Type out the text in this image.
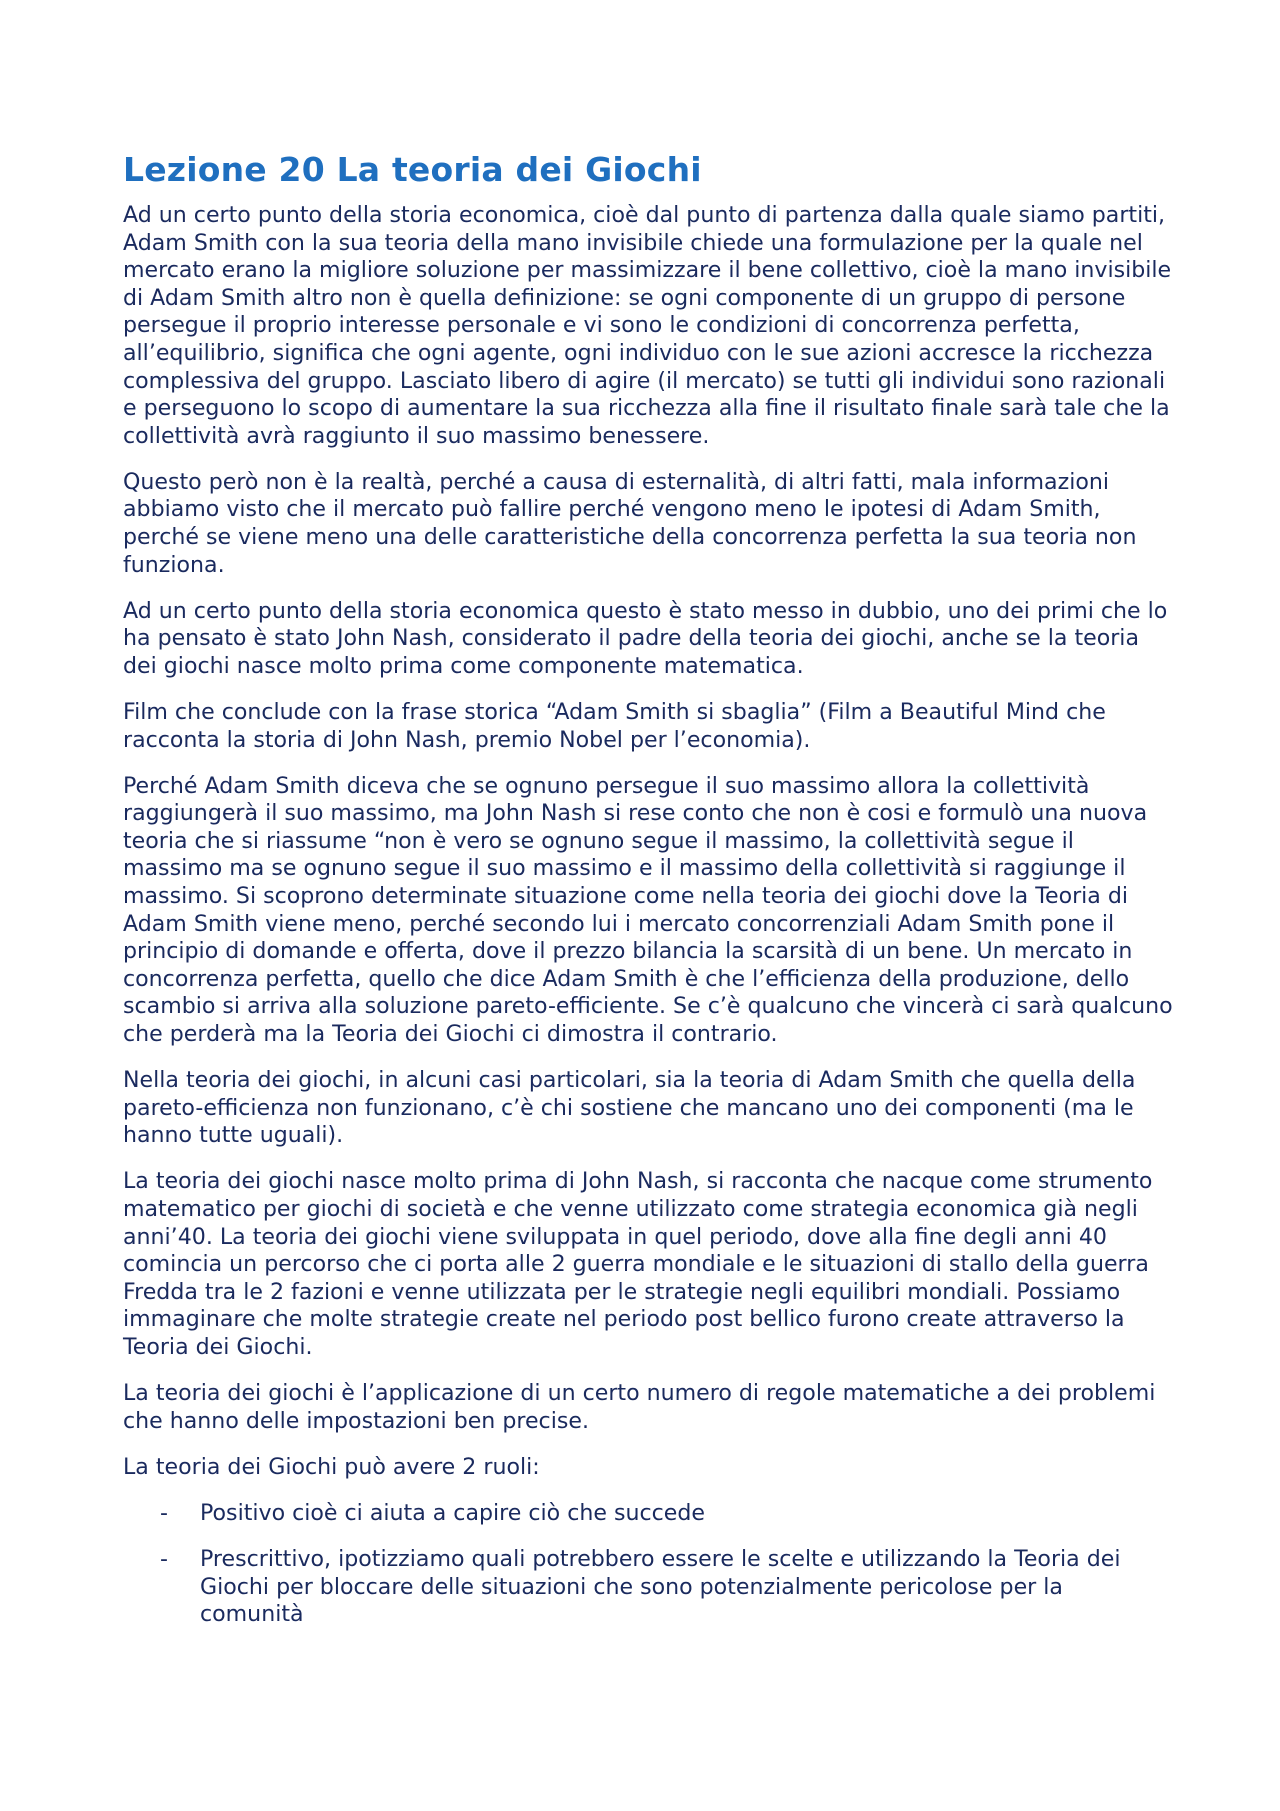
Lezione 20 La teoria dei Giochi

Ad un certo punto della storia economica, cioè dal punto di partenza dalla quale siamo partiti, Adam Smith con la sua teoria della mano invisibile chiede una formulazione per la quale nel mercato erano la migliore soluzione per massimizzare il bene collettivo, cioè la mano invisibile di Adam Smith altro non è quella definizione: se ogni componente di un gruppo di persone persegue il proprio interesse personale e vi sono le condizioni di concorrenza perfetta, all’equilibrio, significa che ogni agente, ogni individuo con le sue azioni accresce la ricchezza complessiva del gruppo. Lasciato libero di agire (il mercato) se tutti gli individui sono razionali e perseguono lo scopo di aumentare la sua ricchezza alla fine il risultato finale sarà tale che la collettività avrà raggiunto il suo massimo benessere.

Questo però non è la realtà, perché a causa di esternalità, di altri fatti, mala informazioni abbiamo visto che il mercato può fallire perché vengono meno le ipotesi di Adam Smith, perché se viene meno una delle caratteristiche della concorrenza perfetta la sua teoria non funziona.

Ad un certo punto della storia economica questo è stato messo in dubbio, uno dei primi che lo ha pensato è stato John Nash, considerato il padre della teoria dei giochi, anche se la teoria dei giochi nasce molto prima come componente matematica.

Film che conclude con la frase storica “Adam Smith si sbaglia” (Film a Beautiful Mind che racconta la storia di John Nash, premio Nobel per l’economia).

Perché Adam Smith diceva che se ognuno persegue il suo massimo allora la collettività raggiungerà il suo massimo, ma John Nash si rese conto che non è cosi e formulò una nuova teoria che si riassume “non è vero se ognuno segue il massimo, la collettività segue il massimo ma se ognuno segue il suo massimo e il massimo della collettività si raggiunge il massimo. Si scoprono determinate situazione come nella teoria dei giochi dove la Teoria di Adam Smith viene meno, perché secondo lui i mercato concorrenziali Adam Smith pone il principio di domande e offerta, dove il prezzo bilancia la scarsità di un bene. Un mercato in concorrenza perfetta, quello che dice Adam Smith è che l’efficienza della produzione, dello scambio si arriva alla soluzione pareto-efficiente. Se c’è qualcuno che vincerà ci sarà qualcuno che perderà ma la Teoria dei Giochi ci dimostra il contrario.

Nella teoria dei giochi, in alcuni casi particolari, sia la teoria di Adam Smith che quella della pareto-efficienza non funzionano, c’è chi sostiene che mancano uno dei componenti (ma le hanno tutte uguali).

La teoria dei giochi nasce molto prima di John Nash, si racconta che nacque come strumento matematico per giochi di società e che venne utilizzato come strategia economica già negli anni’40. La teoria dei giochi viene sviluppata in quel periodo, dove alla fine degli anni 40 comincia un percorso che ci porta alle 2 guerra mondiale e le situazioni di stallo della guerra Fredda tra le 2 fazioni e venne utilizzata per le strategie negli equilibri mondiali. Possiamo immaginare che molte strategie create nel periodo post bellico furono create attraverso la Teoria dei Giochi.

La teoria dei giochi è l’applicazione di un certo numero di regole matematiche a dei problemi che hanno delle impostazioni ben precise.

La teoria dei Giochi può avere 2 ruoli:

- Positivo cioè ci aiuta a capire ciò che succede
- Prescrittivo, ipotizziamo quali potrebbero essere le scelte e utilizzando la Teoria dei Giochi per bloccare delle situazioni che sono potenzialmente pericolose per la comunità
